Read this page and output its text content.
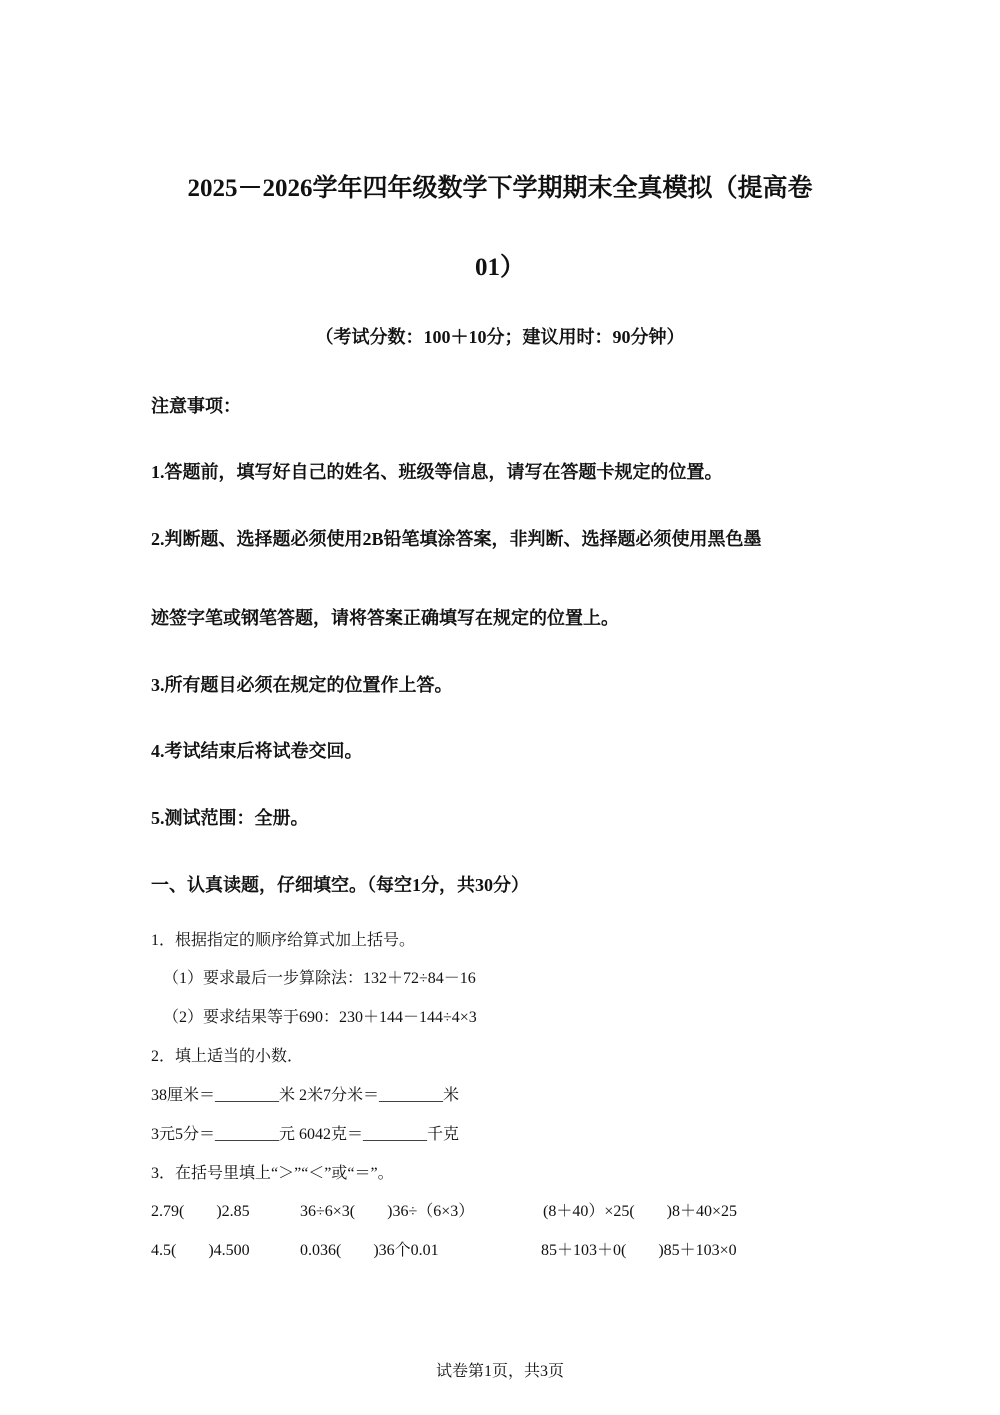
2025－2026学年四年级数学下学期期末全真模拟（提高卷
01）
（考试分数：100＋10分；建议用时：90分钟）
注意事项：
1.答题前，填写好自己的姓名、班级等信息，请写在答题卡规定的位置。
2.判断题、选择题必须使用2B铅笔填涂答案，非判断、选择题必须使用黑色墨
迹签字笔或钢笔答题，请将答案正确填写在规定的位置上。
3.所有题目必须在规定的位置作上答。
4.考试结束后将试卷交回。
5.测试范围：全册。
一、认真读题，仔细填空。（每空1分，共30分）
1．根据指定的顺序给算式加上括号。
（1）要求最后一步算除法：132＋72÷84－16
（2）要求结果等于690：230＋144－144÷4×3
2．填上适当的小数．
38厘米＝________米 2米7分米＝________米
3元5分＝________元 6042克＝________千克
3．在括号里填上“＞”“＜”或“＝”。
2.79(　　)2.85	36÷6×3(　　)36÷（6×3）	(8＋40）×25(　　)8＋40×25
4.5(　　)4.500	0.036(　　)36个0.01	85＋103＋0(　　)85＋103×0
试卷第1页，共3页
